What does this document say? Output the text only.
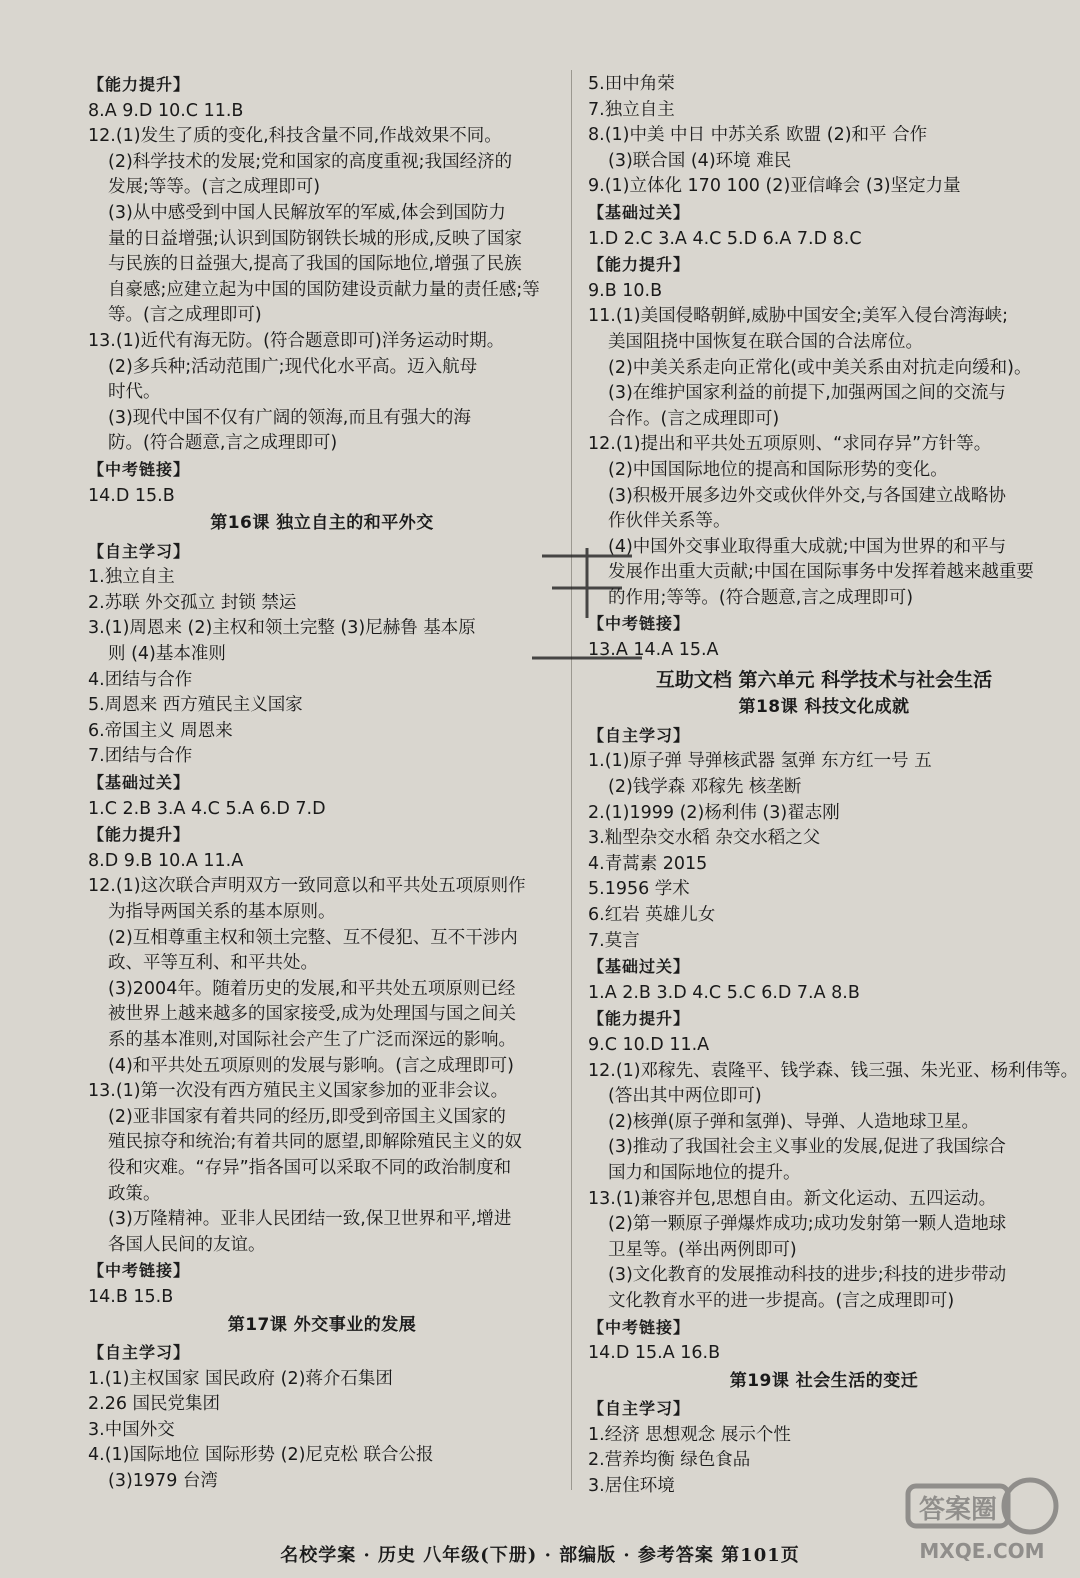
【能力提升】
8.A 9.D 10.C 11.B
12.(1)发生了质的变化,科技含量不同,作战效果不同。
(2)科学技术的发展;党和国家的高度重视;我国经济的
发展;等等。(言之成理即可)
(3)从中感受到中国人民解放军的军威,体会到国防力
量的日益增强;认识到国防钢铁长城的形成,反映了国家
与民族的日益强大,提高了我国的国际地位,增强了民族
自豪感;应建立起为中国的国防建设贡献力量的责任感;等
等。(言之成理即可)
13.(1)近代有海无防。(符合题意即可)洋务运动时期。
(2)多兵种;活动范围广;现代化水平高。迈入航母
时代。
(3)现代中国不仅有广阔的领海,而且有强大的海
防。(符合题意,言之成理即可)
【中考链接】
14.D 15.B
第16课 独立自主的和平外交
【自主学习】
1.独立自主
2.苏联 外交孤立 封锁 禁运
3.(1)周恩来 (2)主权和领土完整 (3)尼赫鲁 基本原
则 (4)基本准则
4.团结与合作
5.周恩来 西方殖民主义国家
6.帝国主义 周恩来
7.团结与合作
【基础过关】
1.C 2.B 3.A 4.C 5.A 6.D 7.D
【能力提升】
8.D 9.B 10.A 11.A
12.(1)这次联合声明双方一致同意以和平共处五项原则作
为指导两国关系的基本原则。
(2)互相尊重主权和领土完整、互不侵犯、互不干涉内
政、平等互利、和平共处。
(3)2004年。随着历史的发展,和平共处五项原则已经
被世界上越来越多的国家接受,成为处理国与国之间关
系的基本准则,对国际社会产生了广泛而深远的影响。
(4)和平共处五项原则的发展与影响。(言之成理即可)
13.(1)第一次没有西方殖民主义国家参加的亚非会议。
(2)亚非国家有着共同的经历,即受到帝国主义国家的
殖民掠夺和统治;有着共同的愿望,即解除殖民主义的奴
役和灾难。“存异”指各国可以采取不同的政治制度和
政策。
(3)万隆精神。亚非人民团结一致,保卫世界和平,增进
各国人民间的友谊。
【中考链接】
14.B 15.B
第17课 外交事业的发展
【自主学习】
1.(1)主权国家 国民政府 (2)蒋介石集团
2.26 国民党集团
3.中国外交
4.(1)国际地位 国际形势 (2)尼克松 联合公报
(3)1979 台湾
5.田中角荣
7.独立自主
8.(1)中美 中日 中苏关系 欧盟 (2)和平 合作
(3)联合国 (4)环境 难民
9.(1)立体化 170 100 (2)亚信峰会 (3)坚定力量
【基础过关】
1.D 2.C 3.A 4.C 5.D 6.A 7.D 8.C
【能力提升】
9.B 10.B
11.(1)美国侵略朝鲜,威胁中国安全;美军入侵台湾海峡;
美国阻挠中国恢复在联合国的合法席位。
(2)中美关系走向正常化(或中美关系由对抗走向缓和)。
(3)在维护国家利益的前提下,加强两国之间的交流与
合作。(言之成理即可)
12.(1)提出和平共处五项原则、“求同存异”方针等。
(2)中国国际地位的提高和国际形势的变化。
(3)积极开展多边外交或伙伴外交,与各国建立战略协
作伙伴关系等。
(4)中国外交事业取得重大成就;中国为世界的和平与
发展作出重大贡献;中国在国际事务中发挥着越来越重要
的作用;等等。(符合题意,言之成理即可)
【中考链接】
13.A 14.A 15.A
互助文档 第六单元 科学技术与社会生活
第18课 科技文化成就
【自主学习】
1.(1)原子弹 导弹核武器 氢弹 东方红一号 五
(2)钱学森 邓稼先 核垄断
2.(1)1999 (2)杨利伟 (3)翟志刚
3.籼型杂交水稻 杂交水稻之父
4.青蒿素 2015
5.1956 学术
6.红岩 英雄儿女
7.莫言
【基础过关】
1.A 2.B 3.D 4.C 5.C 6.D 7.A 8.B
【能力提升】
9.C 10.D 11.A
12.(1)邓稼先、袁隆平、钱学森、钱三强、朱光亚、杨利伟等。
(答出其中两位即可)
(2)核弹(原子弹和氢弹)、导弹、人造地球卫星。
(3)推动了我国社会主义事业的发展,促进了我国综合
国力和国际地位的提升。
13.(1)兼容并包,思想自由。新文化运动、五四运动。
(2)第一颗原子弹爆炸成功;成功发射第一颗人造地球
卫星等。(举出两例即可)
(3)文化教育的发展推动科技的进步;科技的进步带动
文化教育水平的进一步提高。(言之成理即可)
【中考链接】
14.D 15.A 16.B
第19课 社会生活的变迁
【自主学习】
1.经济 思想观念 展示个性
2.营养均衡 绿色食品
3.居住环境
答案圈
MXQE.COM
名校学案 · 历史 八年级(下册) · 部编版 · 参考答案 第101页
